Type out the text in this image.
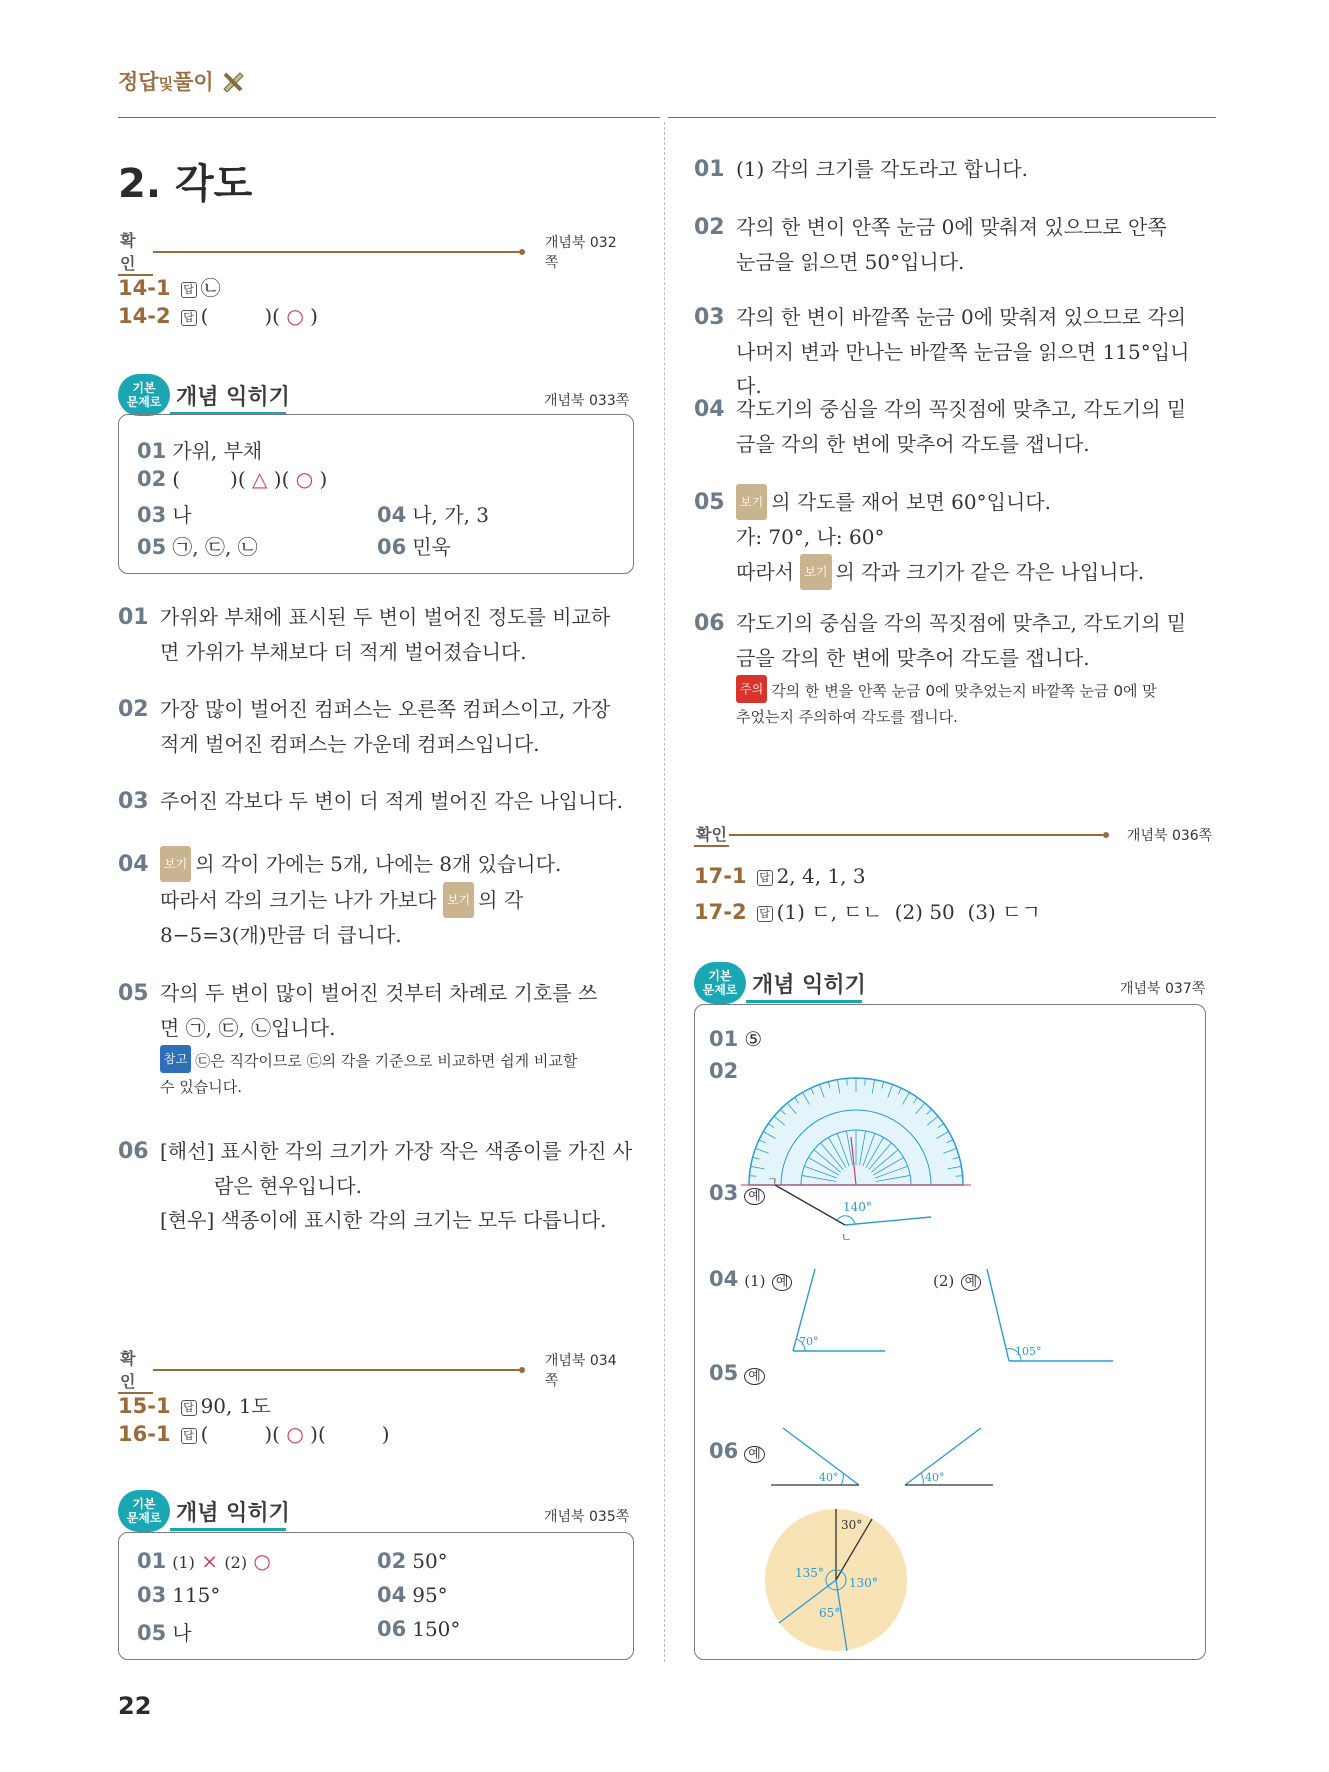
정답및풀이
2. 각도
확인
개념북 032쪽
14-1 답 ㉡
14-2 답 (	)( ○ )
기본
문제로 개념 익히기	개념북 033쪽
01 가위, 부채
02 (	)( △ )( ○ )
03 나	04 나, 가, 3
05 ㉠, ㉢, ㉡	06 민욱
01 가위와 부채에 표시된 두 변이 벌어진 정도를 비교하
면 가위가 부채보다 더 적게 벌어졌습니다.
02 가장 많이 벌어진 컴퍼스는 오른쪽 컴퍼스이고, 가장
적게 벌어진 컴퍼스는 가운데 컴퍼스입니다.
03 주어진 각보다 두 변이 더 적게 벌어진 각은 나입니다.
04 보기 의 각이 가에는 5개, 나에는 8개 있습니다.
따라서 각의 크기는 나가 가보다 보기 의 각
8−5=3(개)만큼 더 큽니다.
05 각의 두 변이 많이 벌어진 것부터 차례로 기호를 쓰
면 ㉠, ㉢, ㉡입니다.
참고 ㉢은 직각이므로 ㉢의 각을 기준으로 비교하면 쉽게 비교할
수 있습니다.
06 [해선] 표시한 각의 크기가 가장 작은 색종이를 가진 사
람은 현우입니다.
[현우] 색종이에 표시한 각의 크기는 모두 다릅니다.
확인
개념북 034쪽
15-1 답 90, 1도
16-1 답 (	)( ○ )(	)
기본
문제로 개념 익히기	개념북 035쪽
01 (1) × (2) ○	02 50°
03 115°	04 95°
05 나	06 150°
01 (1) 각의 크기를 각도라고 합니다.
02 각의 한 변이 안쪽 눈금 0에 맞춰져 있으므로 안쪽
눈금을 읽으면 50°입니다.
03 각의 한 변이 바깥쪽 눈금 0에 맞춰져 있으므로 각의
나머지 변과 만나는 바깥쪽 눈금을 읽으면 115°입니다.
04 각도기의 중심을 각의 꼭짓점에 맞추고, 각도기의 밑
금을 각의 한 변에 맞추어 각도를 잽니다.
05 보기 의 각도를 재어 보면 60°입니다.
가: 70°, 나: 60°
따라서 보기 의 각과 크기가 같은 각은 나입니다.
06 각도기의 중심을 각의 꼭짓점에 맞추고, 각도기의 밑
금을 각의 한 변에 맞추어 각도를 잽니다.
주의 각의 한 변을 안쪽 눈금 0에 맞추었는지 바깥쪽 눈금 0에 맞
추었는지 주의하여 각도를 잽니다.
확인	개념북 036쪽
17-1 답 2, 4, 1, 3
17-2 답 (1) ㄷ, ㄷㄴ  (2) 50  (3) ㄷㄱ
기본
문제로 개념 익히기	개념북 037쪽
01 ⑤
02
03 예
140°
ㄱ
ㄴ
04 (1) 예
70°
(2) 예
105°
05 예
40°	40°
06 예
30°
135°
130°
65°
22
